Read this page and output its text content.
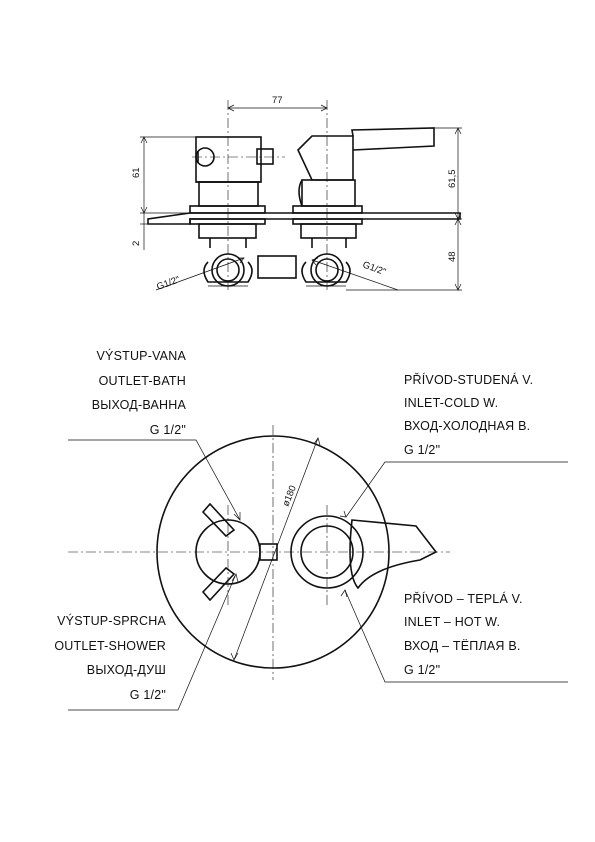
77
61
2
61,5
48
G1/2"
G1/2"
ø180
VÝSTUP-VANA
OUTLET-BATH
ВЫХОД-ВАННА
G 1/2"
PŘÍVOD-STUDENÁ V.
INLET-COLD W.
ВХОД-ХОЛОДНАЯ В.
G 1/2"
VÝSTUP-SPRCHA
OUTLET-SHOWER
ВЫХОД-ДУШ
G 1/2"
PŘÍVOD – TEPLÁ V.
INLET – HOT W.
ВХОД – ТЁПЛАЯ В.
G 1/2"
